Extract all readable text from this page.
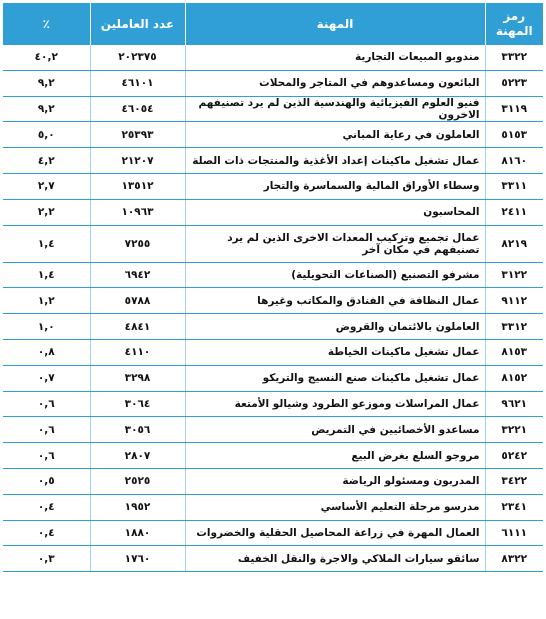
رمز المهنة	المهنة	عدد العاملين	٪
٣٣٢٢	مندوبو المبيعات التجارية	٢٠٢٣٧٥	٤٠,٢
٥٢٢٣	البائعون ومساعدوهم في المتاجر والمحلات	٤٦١٠١	٩,٢
٣١١٩	فنيو العلوم الفيزيائية والهندسية الذين لم يرد تصنيفهم الاخرون	٤٦٠٥٤	٩,٢
٥١٥٣	العاملون في رعاية المباني	٢٥٣٩٣	٥,٠
٨١٦٠	عمال تشغيل ماكينات إعداد الأغذية والمنتجات ذات الصلة	٢١٢٠٧	٤,٢
٣٣١١	وسطاء الأوراق المالية والسماسرة والتجار	١٣٥١٢	٢,٧
٢٤١١	المحاسبون	١٠٩٦٣	٢,٢
٨٢١٩	عمال تجميع وتركيب المعدات الاخرى الذين لم يرد تصنيفهم في مكان آخر	٧٢٥٥	١,٤
٣١٢٢	مشرفو التصنيع (الصناعات التحويلية)	٦٩٤٢	١,٤
٩١١٢	عمال النظافة في الفنادق والمكاتب وغيرها	٥٧٨٨	١,٢
٣٣١٢	العاملون بالائتمان والقروض	٤٨٤١	١,٠
٨١٥٣	عمال تشغيل ماكينات الخياطة	٤١١٠	٠,٨
٨١٥٢	عمال تشغيل ماكينات صنع النسيج والتريكو	٣٢٩٨	٠,٧
٩٦٢١	عمال المراسلات وموزعو الطرود وشيالو الأمتعة	٣٠٦٤	٠,٦
٣٢٢١	مساعدو الأخصائيين في التمريض	٣٠٥٦	٠,٦
٥٢٤٢	مروجو السلع بغرض البيع	٢٨٠٧	٠,٦
٣٤٢٢	المدربون ومسئولو الرياضة	٢٥٢٥	٠,٥
٢٣٤١	مدرسو مرحلة التعليم الأساسي	١٩٥٢	٠,٤
٦١١١	العمال المهرة في زراعة المحاصيل الحقلية والخضروات	١٨٨٠	٠,٤
٨٣٢٢	سائقو سيارات الملاكي والاجرة والنقل الخفيف	١٧٦٠	٠,٣
